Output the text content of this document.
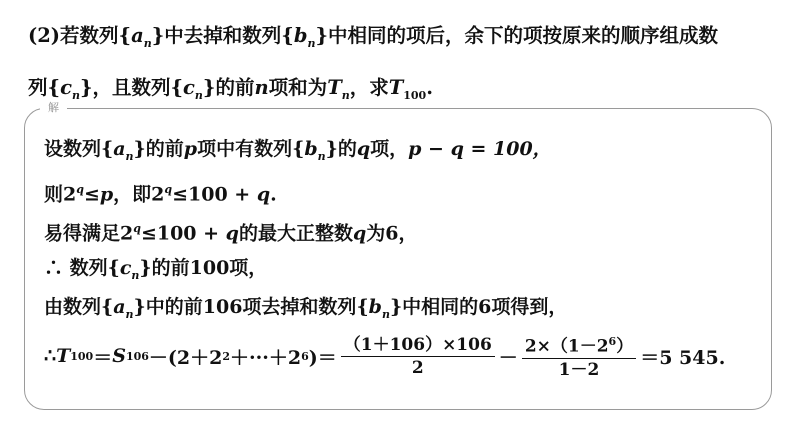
(2)若数列$\{a_n\}$中去掉和数列$\{b_n\}$中相同的项后，余下的项按原来的顺序组成数
列$\{c_n\}$，且数列$\{c_n\}$的前n项和为$T_n$，求$T_{100}$.
解
设数列$\{a_n\}$的前p项中有数列$\{b_n\}$的q项，p − q = 100，
则$2^q\le p$，即$2^q\le 100 + q$.
易得满足$2^q\le 100 + q$的最大正整数q为6，
∴ 数列$\{c_n\}$的前100项，
由数列$\{a_n\}$中的前106项去掉和数列$\{b_n\}$中相同的6项得到，
∴ T 100 ＝ S 106 －(2＋2 2 ＋···＋2 6 )＝ $\frac{(1+106)\times 106}{2} - \frac{2\times(1-2^6)}{1-2} =5$ 545.
